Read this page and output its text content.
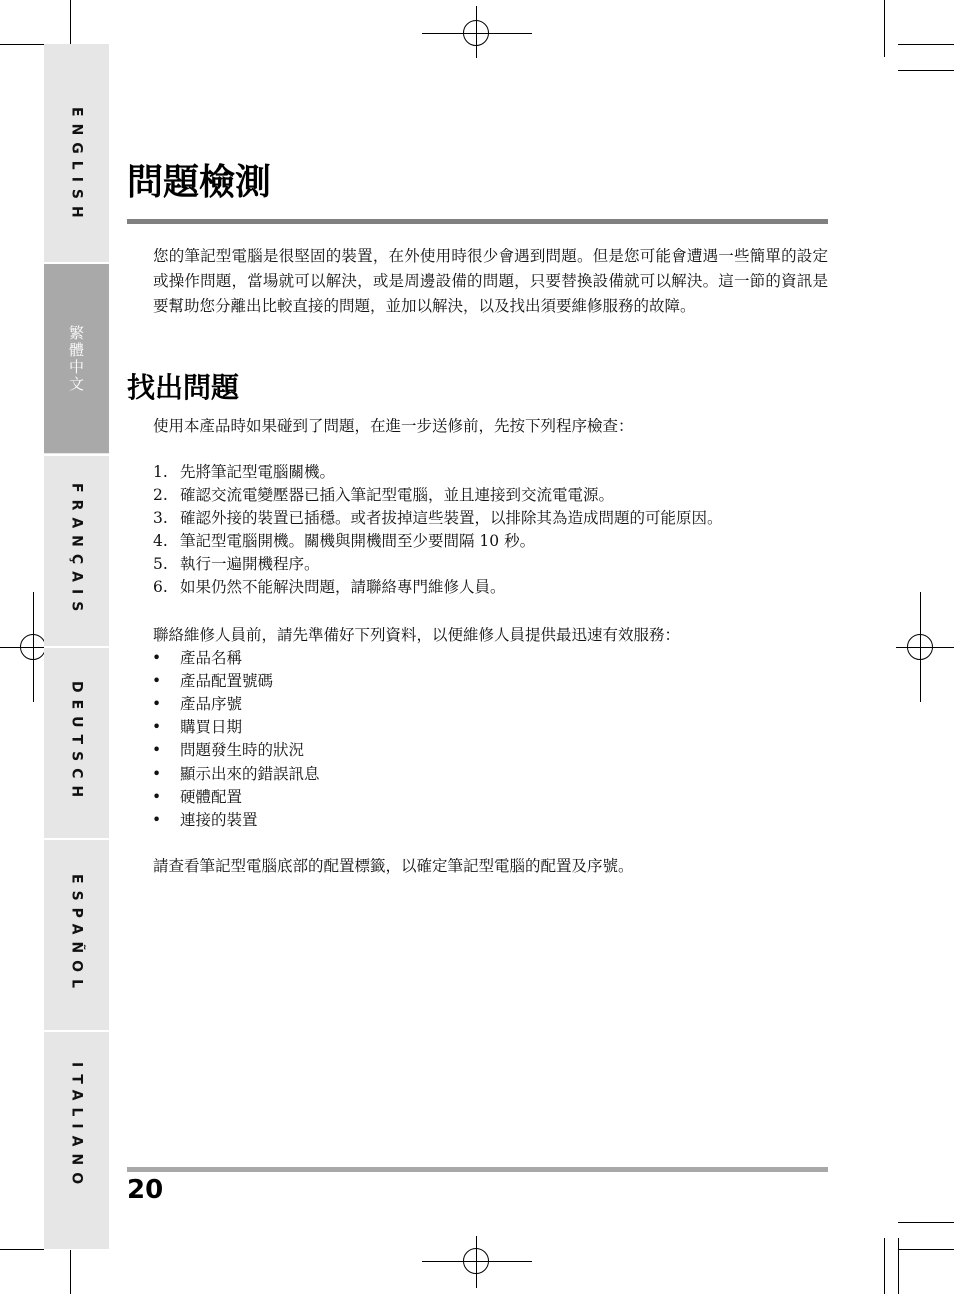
ENGLISH
繁體中文
FRANÇAIS
DEUTSCH
ESPAÑOL
ITALIANO
問題檢測

您的筆記型電腦是很堅固的裝置，在外使用時很少會遇到問題。但是您可能會遭遇一些簡單的設定或操作問題，當場就可以解決，或是周邊設備的問題，只要替換設備就可以解決。這一節的資訊是要幫助您分離出比較直接的問題，並加以解決，以及找出須要維修服務的故障。

找出問題

使用本產品時如果碰到了問題，在進一步送修前，先按下列程序檢查：

1. 先將筆記型電腦關機。
2. 確認交流電變壓器已插入筆記型電腦，並且連接到交流電電源。
3. 確認外接的裝置已插穩。或者拔掉這些裝置，以排除其為造成問題的可能原因。
4. 筆記型電腦開機。關機與開機間至少要間隔 10 秒。
5. 執行一遍開機程序。
6. 如果仍然不能解決問題，請聯絡專門維修人員。

聯絡維修人員前，請先準備好下列資料，以便維修人員提供最迅速有效服務：

• 產品名稱
• 產品配置號碼
• 產品序號
• 購買日期
• 問題發生時的狀況
• 顯示出來的錯誤訊息
• 硬體配置
• 連接的裝置

請查看筆記型電腦底部的配置標籤，以確定筆記型電腦的配置及序號。

20
